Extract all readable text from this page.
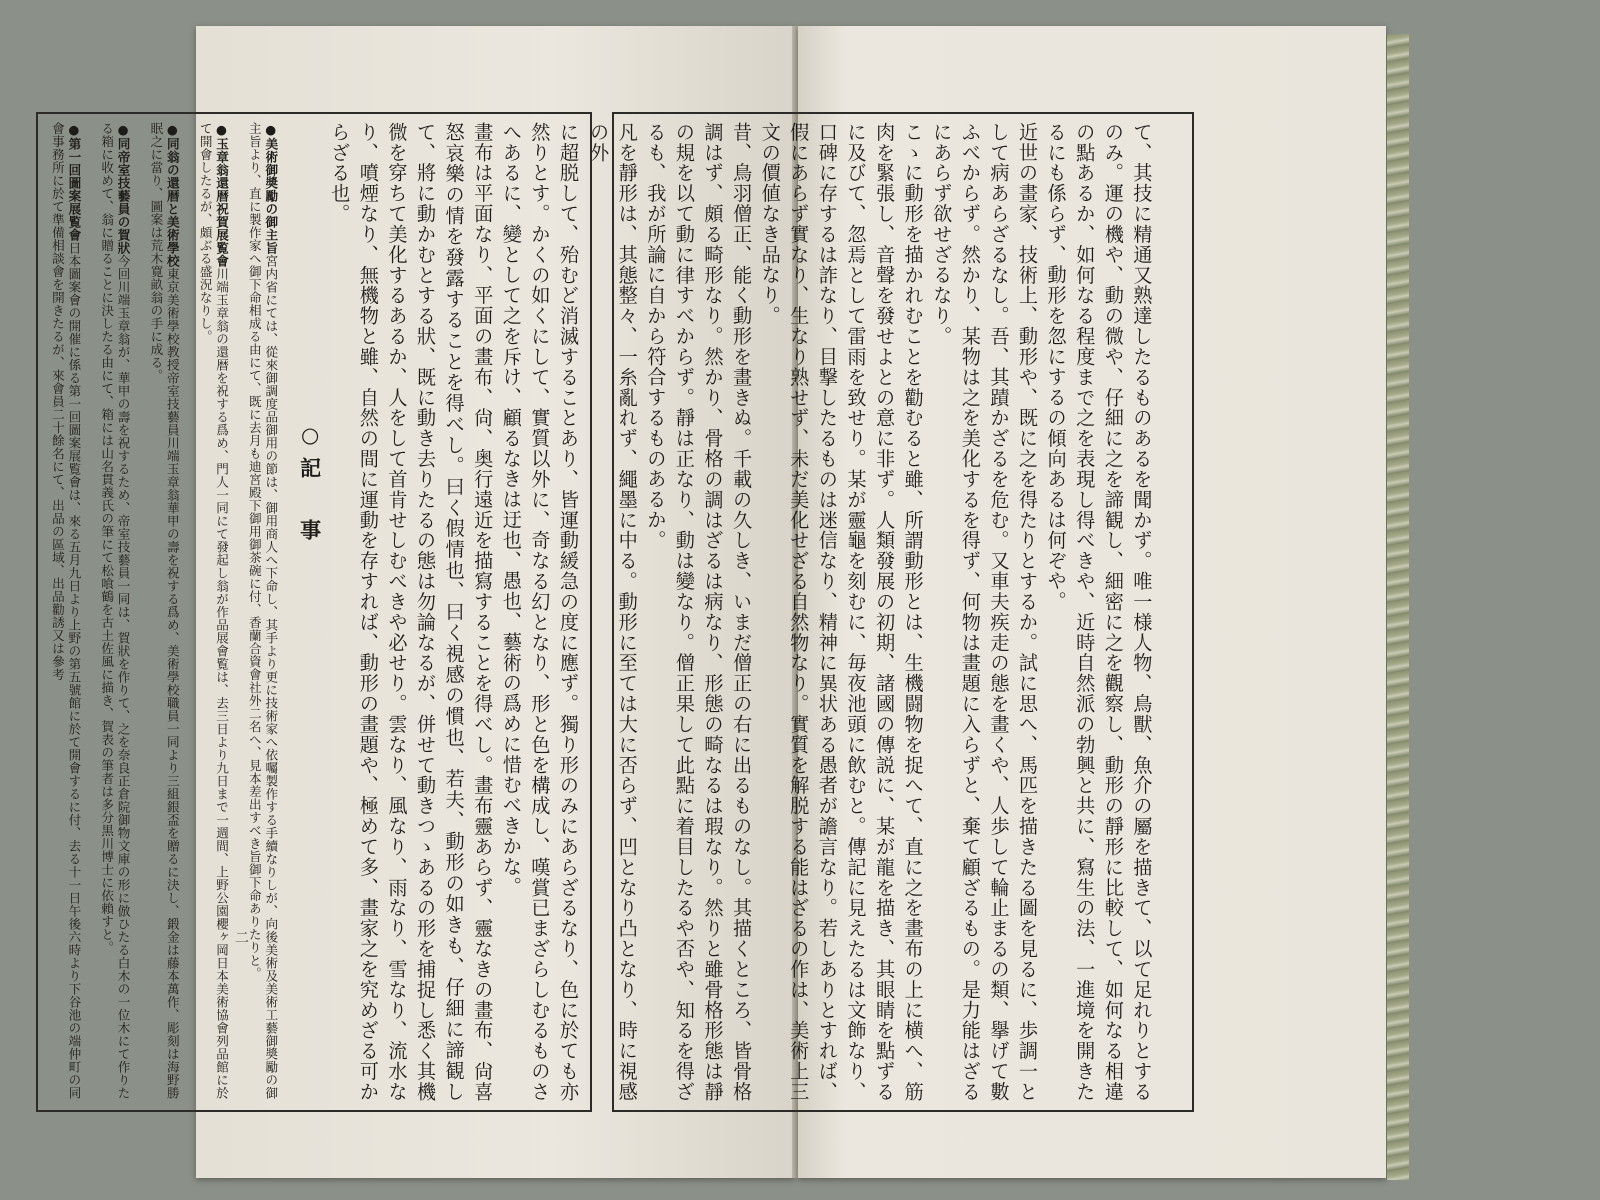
て、其技に精通又熟達したるものあるを聞かず。唯一様人物、鳥獸、魚介の屬を描きて、以て足れりとするのみ。運の機や、動の微や、仔細に之を諦観し、細密に之を觀察し、動形の靜形に比較して、如何なる相違の點あるか、如何なる程度まで之を表現し得べきや、近時自然派の勃興と共に、寫生の法、一進境を開きたるにも係らず、動形を忽にするの傾向あるは何ぞや。
近世の畫家、技術上、動形や、既に之を得たりとするか。試に思へ、馬匹を描きたる圖を見るに、歩調一として病あらざるなし。吾、其蹟かざるを危む。又車夫疾走の態を畫くや、人歩して輪止まるの類、擧げて數ふべからず。然かり、某物は之を美化するを得ず、何物は畫題に入らずと、棄て顧ざるもの。是力能はざるにあらず欲せざるなり。
こゝに動形を描かれむことを勸むると雖、所謂動形とは、生機闘物を捉へて、直に之を畫布の上に横へ、筋肉を緊張し、音聲を發せよとの意に非ず。人類發展の初期、諸國の傳説に、某が龍を描き、其眼睛を點ずるに及びて、忽焉として雷雨を致せり。某が靈龜を刻むに、毎夜池頭に飲むと。傳記に見えたるは文飾なり、口碑に存するは詐なり、目撃したるものは迷信なり、精神に異状ある愚者が譫言なり。若しありとすれば、假にあらず實なり、生なり熟せず、未だ美化せざる自然物なり。實質を解脱する能はざるの作は、美術上三文の價値なき品なり。
昔、鳥羽僧正、能く動形を畫きぬ。千載の久しき、いまだ僧正の右に出るものなし。其描くところ、皆骨格調はず、頗る畸形なり。然かり、骨格の調はざるは病なり、形態の畸なるは瑕なり。然りと雖骨格形態は靜の規を以て動に律すべからず。靜は正なり、動は變なり。僧正果して此點に着目したるや否や、知るを得ざるも、我が所論に自から符合するものあるか。
凡を靜形は、其態整々、一糸亂れず、繩墨に中る。動形に至ては大に否らず、凹となり凸となり、時に視感の外

に超脱して、殆むど消滅することあり、皆運動緩急の度に應ず。獨り形のみにあらざるなり、色に於ても亦然りとす。かくの如くにして、實質以外に、奇なる幻となり、形と色を構成し、嘆賞已まざらしむるものさへあるに、變として之を斥け、顧るなきは迂也、愚也、藝術の爲めに惜むべきかな。
畫布は平面なり、平面の畫布、尙、奥行遠近を描寫することを得べし。畫布靈あらず、靈なきの畫布、尙喜怒哀樂の情を發露することを得べし。曰く假情也、曰く視感の慣也、若夫、動形の如きも、仔細に諦観して、將に動かむとする狀、既に動き去りたるの態は勿論なるが、併せて動きつゝあるの形を捕捉し悉く其機微を穿ちて美化するあるか、人をして首肯せしむべきや必せり。雲なり、風なり、雨なり、雪なり、流水なり、噴煙なり、無機物と雖、自然の間に運動を存すれば、動形の畫題や、極めて多、畫家之を究めざる可からざる也。
○記　事

●美術御奬勵の御主旨宮内省にては、從來御調度品御用の節は、御用商人へ下命し、其手より更に技術家へ依囑製作する手續なりしが、向後美術及美術工藝御奬勵の御主旨より、直に製作家へ御下命相成る由にて、既に去月も迪宮殿下御用御茶碗に付、香蘭合資會社外二名へ、見本差出すべき旨御下命ありたりと。

●玉章翁還暦祝賀展覧會川端玉章翁の還暦を祝する爲め、門人一同にて發起し翁が作品展會覧は、去三日より九日まで一週間、上野公園櫻ヶ岡日本美術協會列品館に於て開會したるが、頗ぶる盛況なりし。

●同翁の還暦と美術學校東京美術學校教授帝室技藝員川端玉章翁華甲の壽を祝する爲め、美術學校職員一同より三組銀盃を贈るに決し、鍛金は藤本萬作、彫刻は海野勝眠之に當り、圖案は荒木寛畝翁の手に成る。

●同帝室技藝員の賀狀今回川端玉章翁が、華甲の壽を祝するため、帝室技藝員一同は、賀狀を作りて、之を奈良正倉院御物文庫の形に倣ひたる白木の一位木にて作りたる箱に收めて、翁に贈ることに決したる由にて、箱には山名貫義氏の筆にて松喰鶴を古土佐風に描き、賀表の筆者は多分黒川博士に依賴すと。

●第一回圖案展覧會日本圖案會の開催に係る第一回圖案展覧會は、來る五月九日より上野の第五號館に於て開會するに付、去る十一日午後六時より下谷池の端仲町の同會事務所に於て準備相談會を開きたるが、來會員二十餘名にて、出品の區域、出品勸誘又は參考

二
